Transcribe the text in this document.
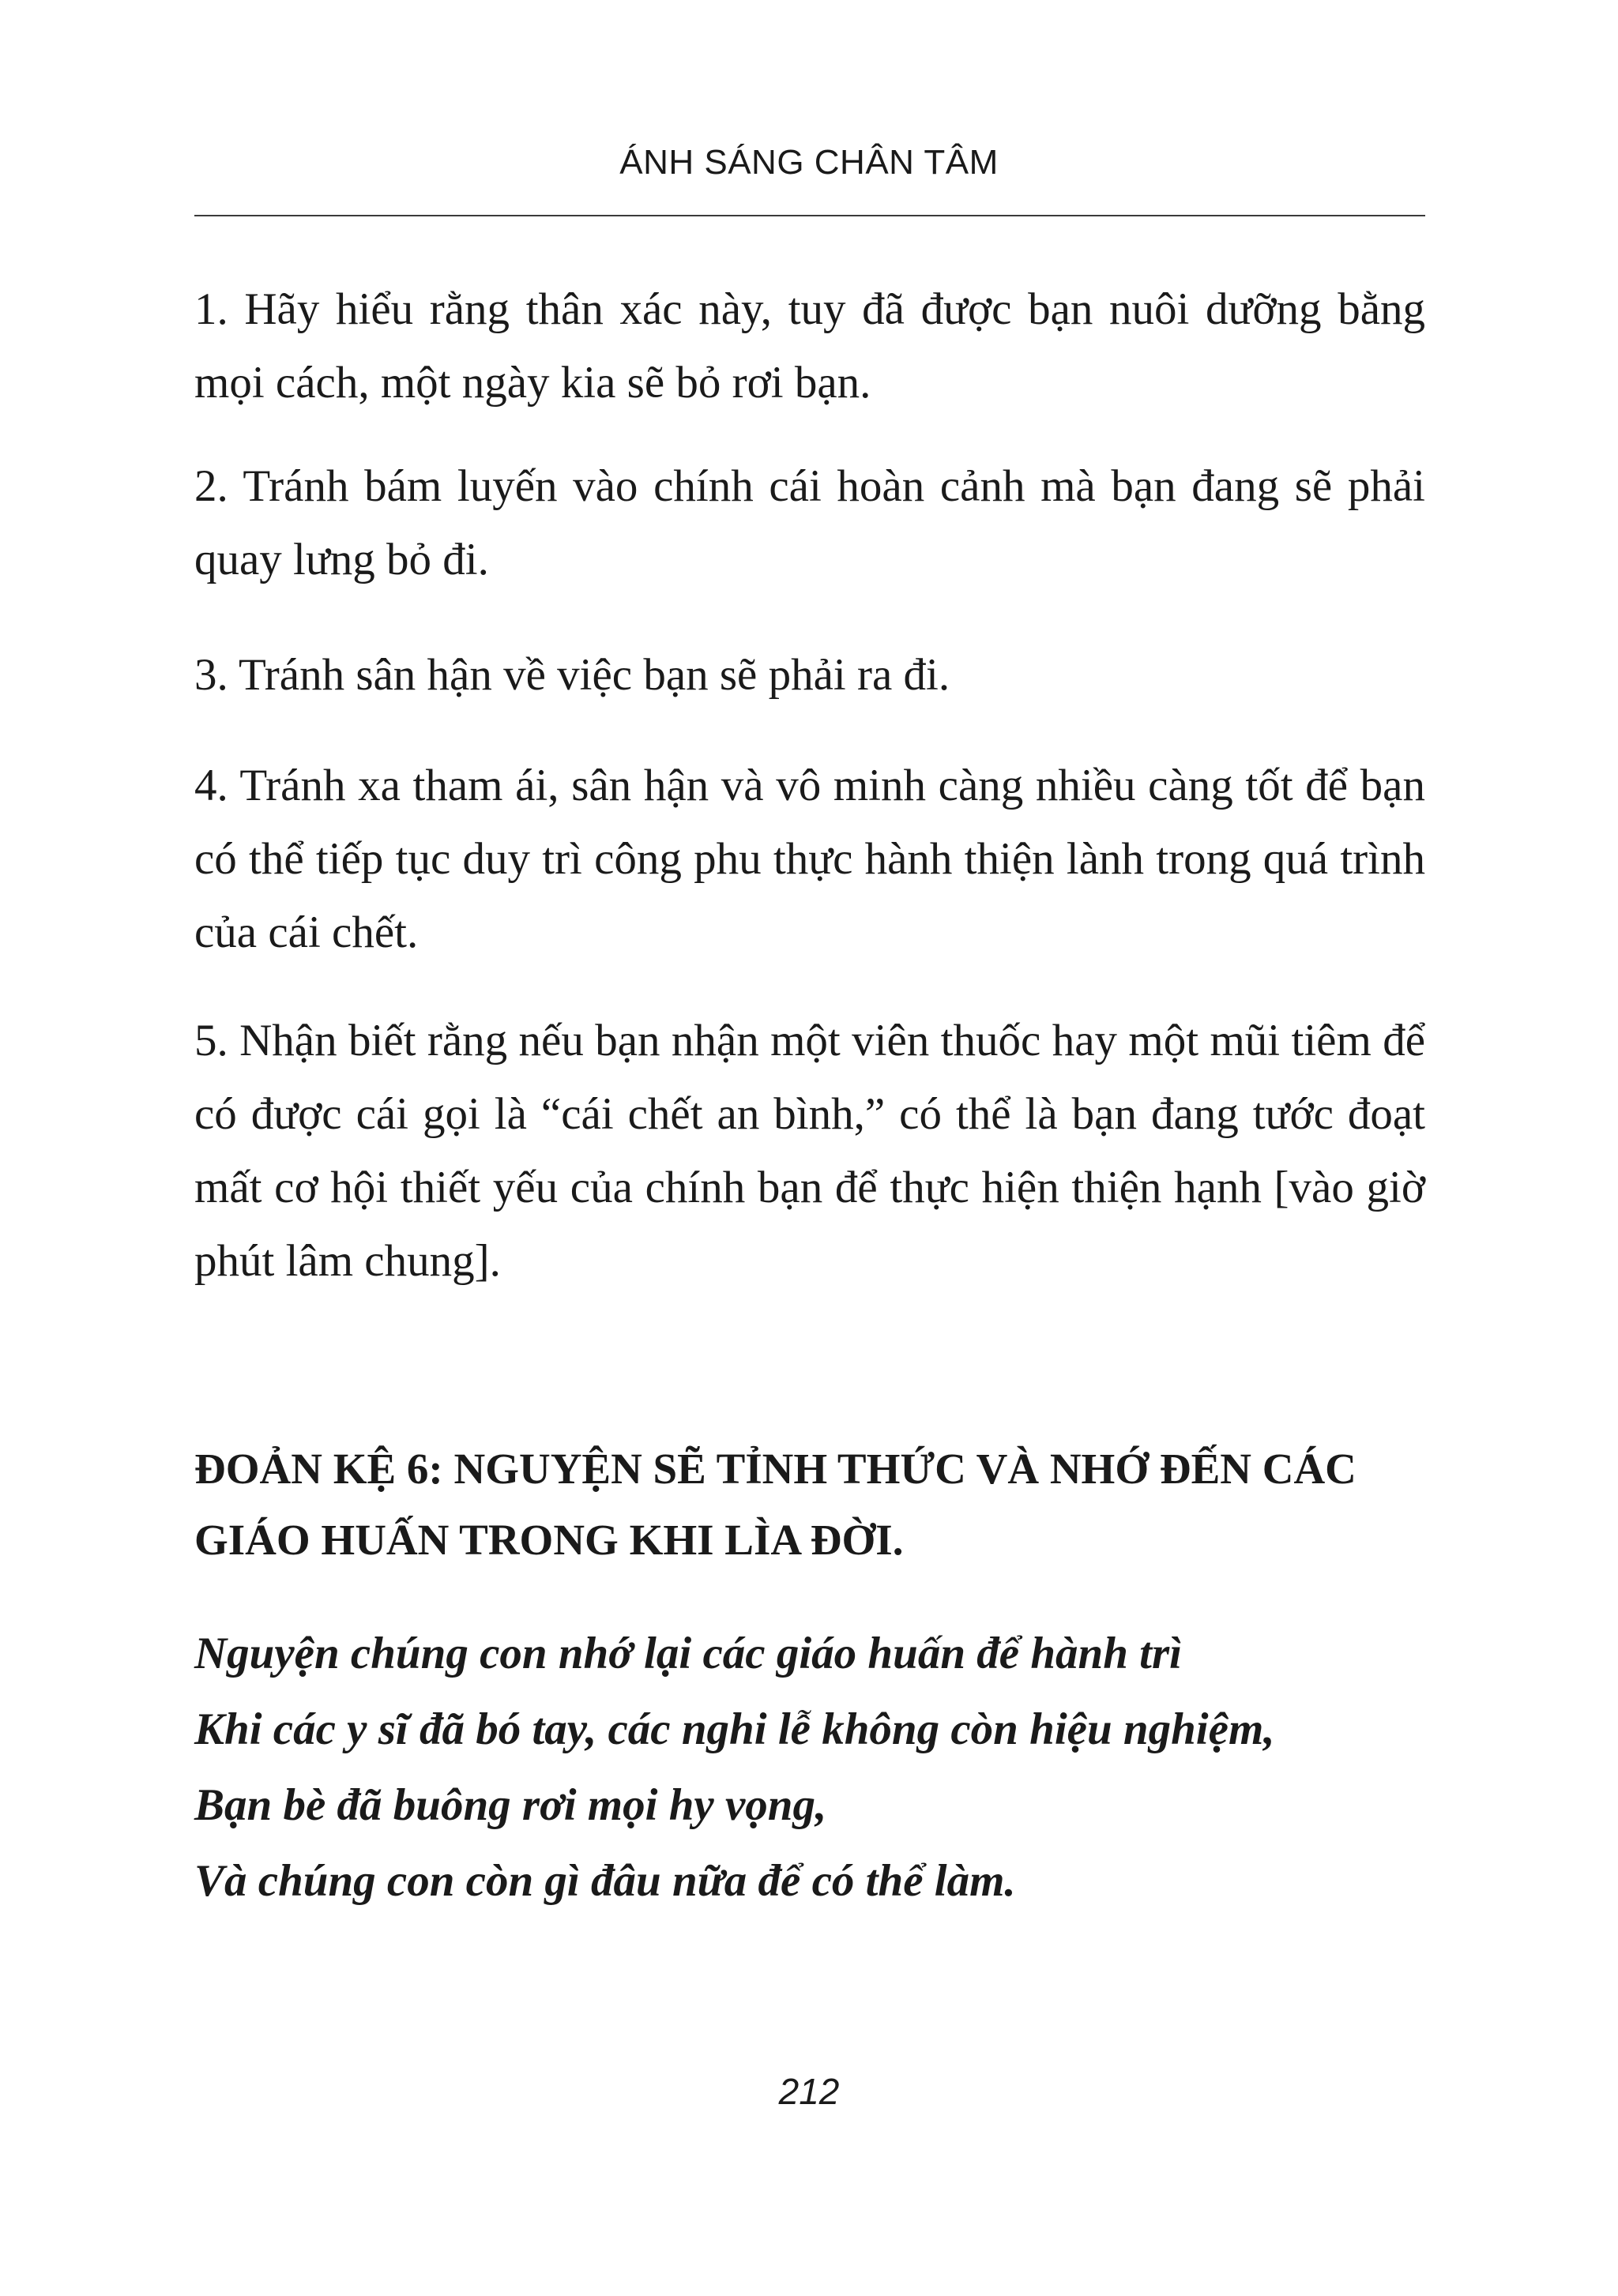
ÁNH SÁNG CHÂN TÂM

1. Hãy hiểu rằng thân xác này, tuy đã được bạn nuôi dưỡng bằng mọi cách, một ngày kia sẽ bỏ rơi bạn.

2. Tránh bám luyến vào chính cái hoàn cảnh mà bạn đang sẽ phải quay lưng bỏ đi.

3. Tránh sân hận về việc bạn sẽ phải ra đi.

4. Tránh xa tham ái, sân hận và vô minh càng nhiều càng tốt để bạn có thể tiếp tục duy trì công phu thực hành thiện lành trong quá trình của cái chết.

5. Nhận biết rằng nếu bạn nhận một viên thuốc hay một mũi tiêm để có được cái gọi là “cái chết an bình,” có thể là bạn đang tước đoạt mất cơ hội thiết yếu của chính bạn để thực hiện thiện hạnh [vào giờ phút lâm chung].

ĐOẢN KỆ 6: NGUYỆN SẼ TỈNH THỨC VÀ NHỚ ĐẾN CÁC GIÁO HUẤN TRONG KHI LÌA ĐỜI.
Nguyện chúng con nhớ lại các giáo huấn để hành trì
Khi các y sĩ đã bó tay, các nghi lễ không còn hiệu nghiệm,
Bạn bè đã buông rơi mọi hy vọng,
Và chúng con còn gì đâu nữa để có thể làm.
212
